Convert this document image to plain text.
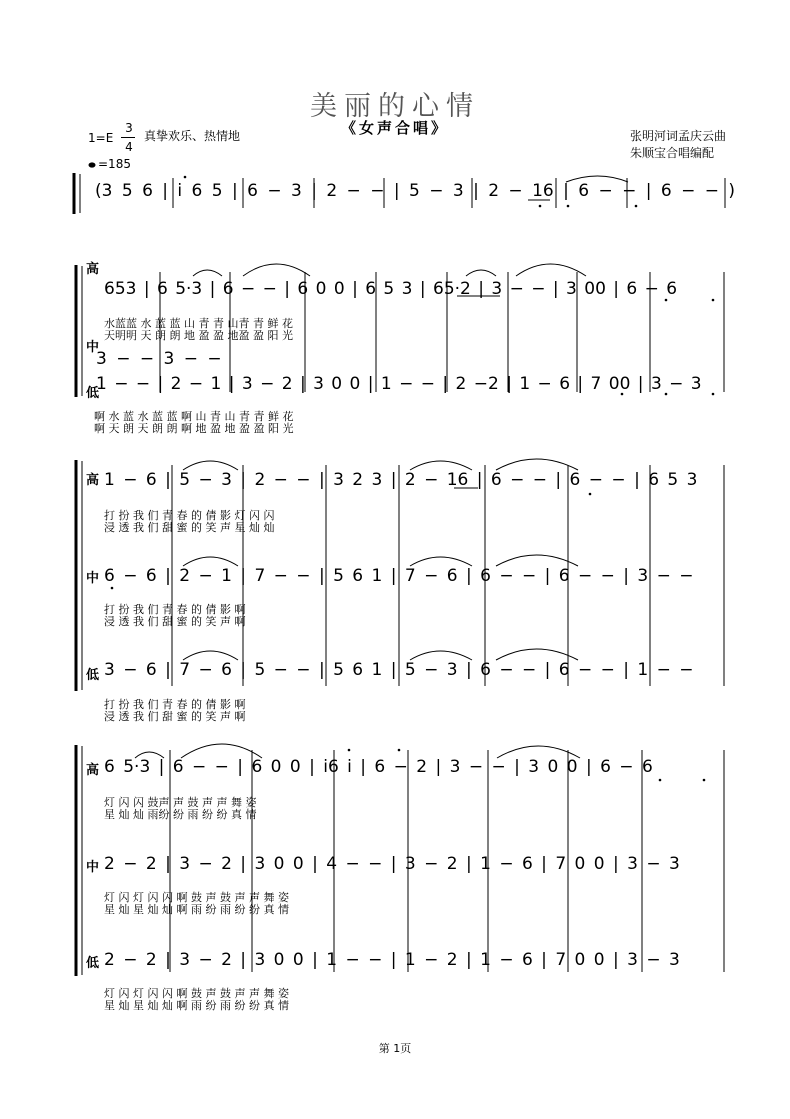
美丽的心情
《女声合唱》
1=E
3
4
真挚欢乐、热情地
=185
张明河词孟庆云曲
朱顺宝合唱编配
(3 5 6 | i 6 5 | 6 − 3 | 2 − − | 5 − 3 | 2 − 16 | 6 − − | 6 − − )
高
653 | 6 5·3 | 6 − − | 6 0 0 | 6 5 3 | 65·2 | 3 − − | 3 00 | 6 − 6
水蓝蓝 水 蓝 蓝 山 青 青 山青 青 鲜 花
天明明 天 朗 朗 地 盈 盈 地盈 盈 阳 光
中
3 − − 3 − −
低
1 − − | 2 − 1 | 3 − 2 | 3 0 0 | 1 − − | 2 −2 | 1 − 6 | 7 00 | 3 − 3
啊 水 蓝 水 蓝 蓝 啊 山 青 山 青 青 鲜 花
啊 天 朗 天 朗 朗 啊 地 盈 地 盈 盈 阳 光
高 1 − 6 | 5 − 3 | 2 − − | 3 2 3 | 2 − 16 | 6 − − | 6 − − | 6 5 3
打 扮 我 们 青 春 的 倩 影 灯 闪 闪
浸 透 我 们 甜 蜜 的 笑 声 星 灿 灿
中 6 − 6 | 2 − 1 | 7 − − | 5 6 1 | 7 − 6 | 6 − − | 6 − − | 3 − −
打 扮 我 们 青 春 的 倩 影 啊
浸 透 我 们 甜 蜜 的 笑 声 啊
低 3 − 6 | 7 − 6 | 5 − − | 5 6 1 | 5 − 3 | 6 − − | 6 − − | 1 − −
打 扮 我 们 青 春 的 倩 影 啊
浸 透 我 们 甜 蜜 的 笑 声 啊
高 6 5·3 | 6 − − | 6 0 0 | i6 i | 6 − 2 | 3 − − | 3 0 0 | 6 − 6
灯 闪 闪 鼓声 声 鼓 声 声 舞 姿
星 灿 灿 雨纷 纷 雨 纷 纷 真 情
中 2 − 2 | 3 − 2 | 3 0 0 | 4 − − | 3 − 2 | 1 − 6 | 7 0 0 | 3 − 3
灯 闪 灯 闪 闪 啊 鼓 声 鼓 声 声 舞 姿
星 灿 星 灿 灿 啊 雨 纷 雨 纷 纷 真 情
低 2 − 2 | 3 − 2 | 3 0 0 | 1 − − | 1 − 2 | 1 − 6 | 7 0 0 | 3 − 3
灯 闪 灯 闪 闪 啊 鼓 声 鼓 声 声 舞 姿
星 灿 星 灿 灿 啊 雨 纷 雨 纷 纷 真 情
第 1页
